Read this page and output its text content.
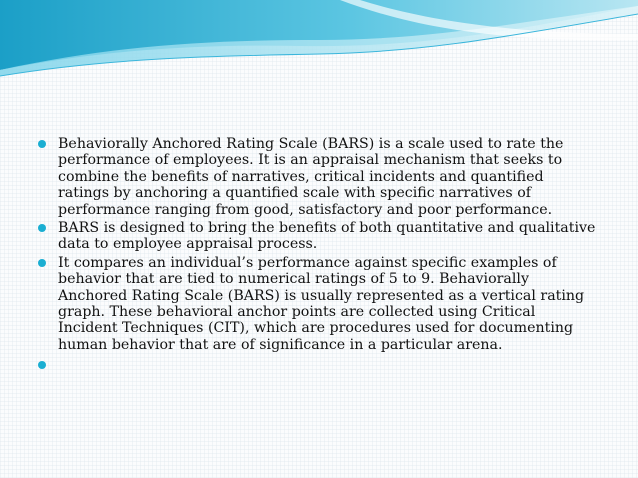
Behaviorally Anchored Rating Scale (BARS) is a scale used to rate the performance of employees. It is an appraisal mechanism that seeks to combine the benefits of narratives, critical incidents and quantified ratings by anchoring a quantified scale with specific narratives of performance ranging from good, satisfactory and poor performance.
BARS is designed to bring the benefits of both quantitative and qualitative data to employee appraisal process.
It compares an individual’s performance against specific examples of behavior that are tied to numerical ratings of 5 to 9. Behaviorally Anchored Rating Scale (BARS) is usually represented as a vertical rating graph. These behavioral anchor points are collected using Critical Incident Techniques (CIT), which are procedures used for documenting human behavior that are of significance in a particular arena.
